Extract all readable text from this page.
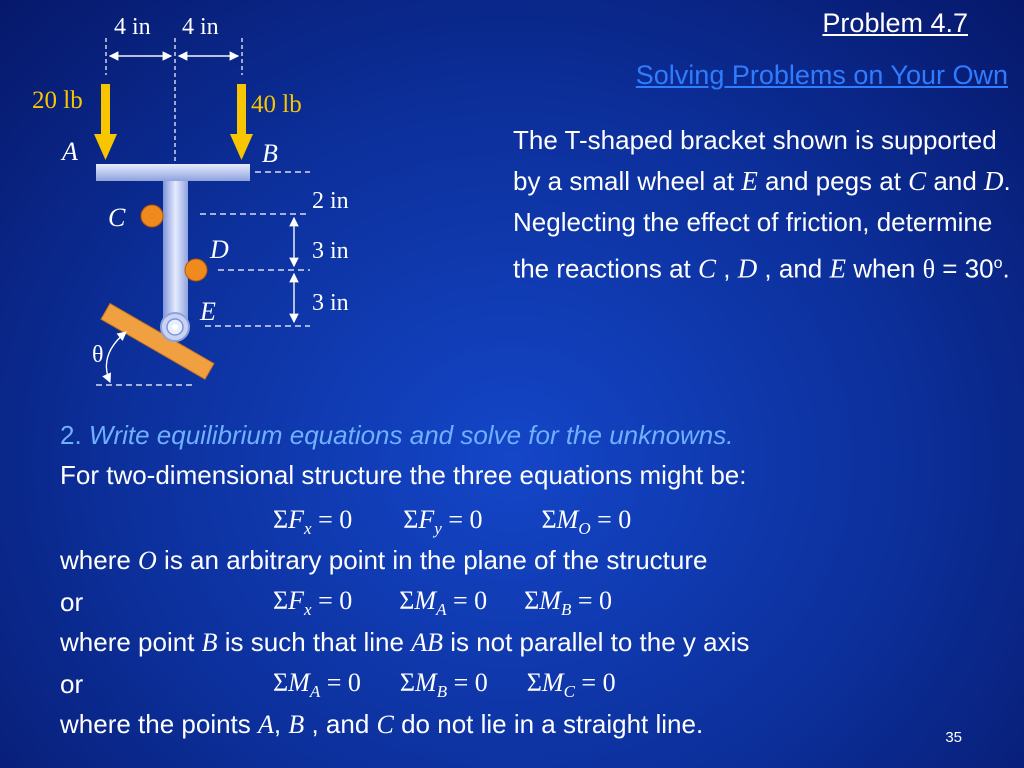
Problem 4.7
Solving Problems on Your Own
4 in 4 in
20 lb	40 lb
A	B
C
D
E
2 in
3 in
3 in
θ
The T-shaped bracket shown is supported by a small wheel at E and pegs at C and D. Neglecting the effect of friction, determine the reactions at C , D , and E when $\theta = 30^o$.
2. Write equilibrium equations and solve for the unknowns.
For two-dimensional structure the three equations might be:
$\Sigma F_x = 0$ $\Sigma F_y = 0$ $\Sigma M_O = 0$
where O is an arbitrary point in the plane of the structure
or	$\Sigma F_x = 0$ $\Sigma M_A = 0$ $\Sigma M_B = 0$
where point B is such that line AB is not parallel to the y axis
or	$\Sigma M_A = 0$ $\Sigma M_B = 0$ $\Sigma M_C = 0$
where the points A, B , and C do not lie in a straight line.	35
